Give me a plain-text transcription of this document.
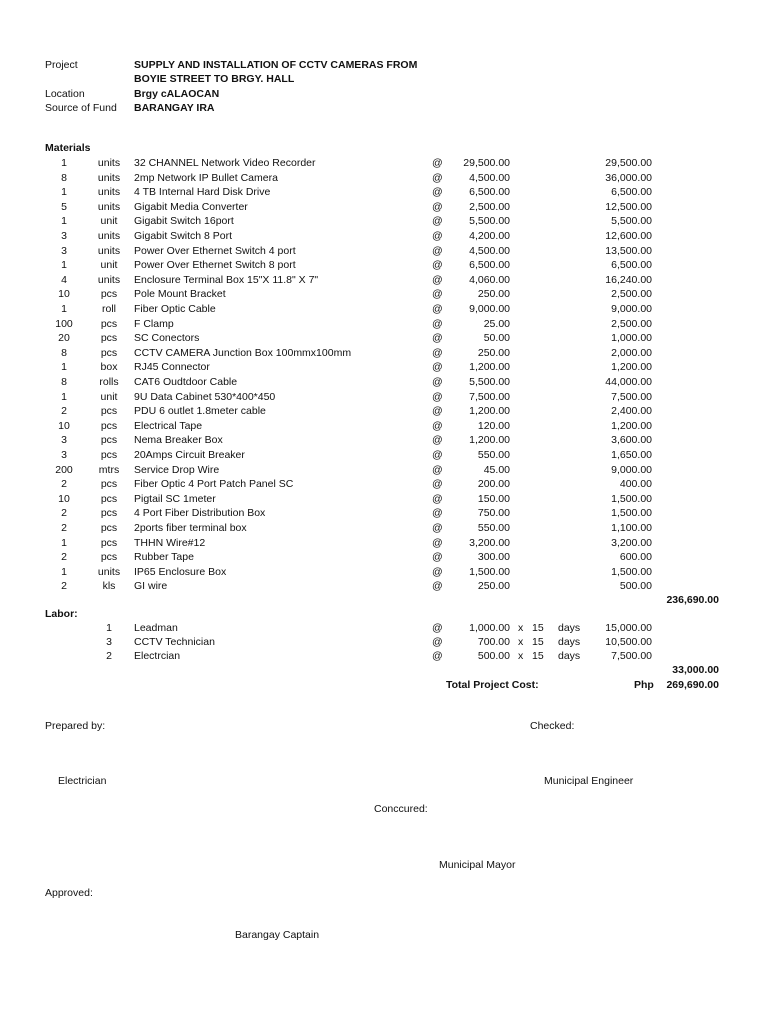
Project	SUPPLY AND INSTALLATION OF CCTV CAMERAS FROM
BOYIE STREET TO BRGY. HALL
Location	Brgy cALAOCAN
Source of Fund BARANGAY IRA
Materials
1	units	32 CHANNEL Network Video Recorder	@	29,500.00	29,500.00
8	units	2mp Network IP Bullet Camera	@	4,500.00	36,000.00
1	units	4 TB Internal Hard Disk Drive	@	6,500.00	6,500.00
5	units	Gigabit Media Converter	@	2,500.00	12,500.00
1	unit	Gigabit Switch 16port	@	5,500.00	5,500.00
3	units	Gigabit Switch 8 Port	@	4,200.00	12,600.00
3	units	Power Over Ethernet Switch 4 port	@	4,500.00	13,500.00
1	unit	Power Over Ethernet Switch 8 port	@	6,500.00	6,500.00
4	units	Enclosure Terminal Box 15"X 11.8" X 7"	@	4,060.00	16,240.00
10	pcs	Pole Mount Bracket	@	250.00	2,500.00
1	roll	Fiber Optic Cable	@	9,000.00	9,000.00
100	pcs	F Clamp	@	25.00	2,500.00
20	pcs	SC Conectors	@	50.00	1,000.00
8	pcs	CCTV CAMERA Junction Box 100mmx100mm	@	250.00	2,000.00
1	box	RJ45 Connector	@	1,200.00	1,200.00
8	rolls	CAT6 Oudtdoor Cable	@	5,500.00	44,000.00
1	unit	9U Data Cabinet 530*400*450	@	7,500.00	7,500.00
2	pcs	PDU 6 outlet 1.8meter cable	@	1,200.00	2,400.00
10	pcs	Electrical Tape	@	120.00	1,200.00
3	pcs	Nema Breaker Box	@	1,200.00	3,600.00
3	pcs	20Amps Circuit Breaker	@	550.00	1,650.00
200	mtrs	Service Drop Wire	@	45.00	9,000.00
2	pcs	Fiber Optic 4 Port Patch Panel SC	@	200.00	400.00
10	pcs	Pigtail SC 1meter	@	150.00	1,500.00
2	pcs	4 Port Fiber Distribution Box	@	750.00	1,500.00
2	pcs	2ports fiber terminal box	@	550.00	1,100.00
1	pcs	THHN Wire#12	@	3,200.00	3,200.00
2	pcs	Rubber Tape	@	300.00	600.00
1	units	IP65 Enclosure Box	@	1,500.00	1,500.00
2	kls	GI wire	@	250.00	500.00
236,690.00
Labor:
1	Leadman	@	1,000.00 x 15 days	15,000.00
3	CCTV Technician	@	700.00 x 15 days	10,500.00
2	Electrcian	@	500.00 x 15 days	7,500.00
33,000.00
Total Project Cost:	Php	269,690.00
Prepared by:	Checked:
Electrician	Municipal Engineer
Conccured:
Municipal Mayor
Approved:
Barangay Captain
